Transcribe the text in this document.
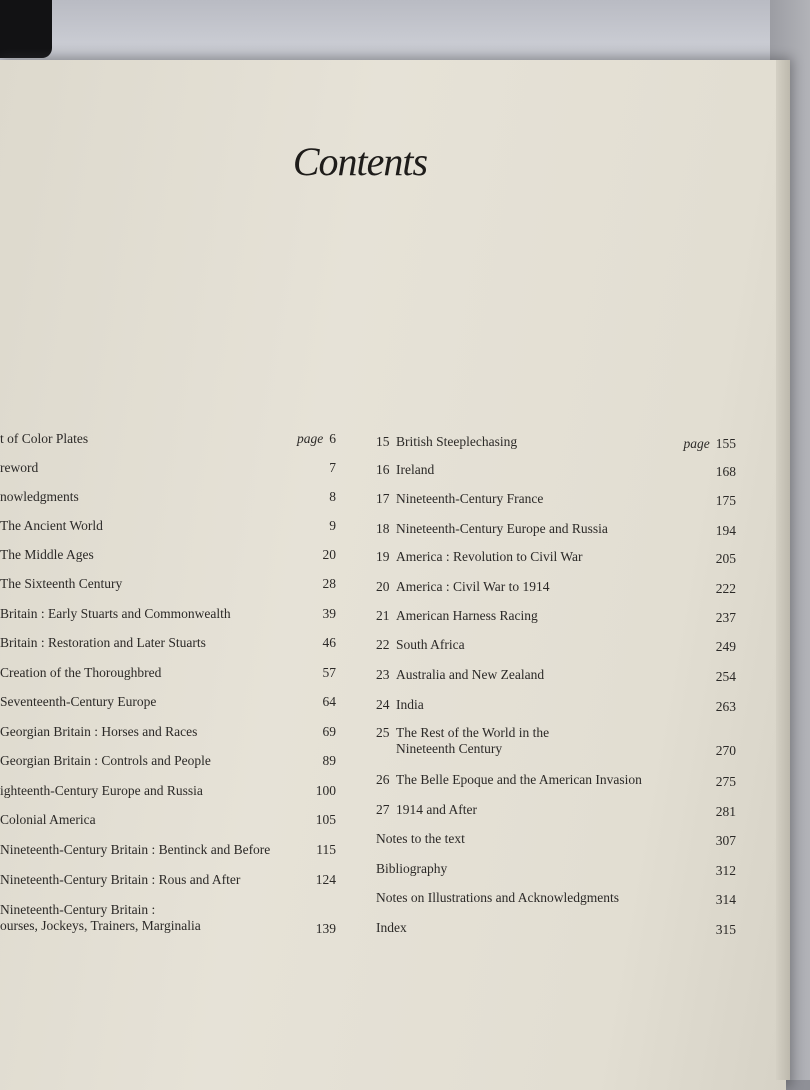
Contents
t of Color Plates	page 6
reword	7
nowledgments	8
The Ancient World	9
The Middle Ages	20
The Sixteenth Century	28
Britain : Early Stuarts and Commonwealth	39
Britain : Restoration and Later Stuarts	46
Creation of the Thoroughbred	57
Seventeenth-Century Europe	64
Georgian Britain : Horses and Races	69
Georgian Britain : Controls and People	89
ighteenth-Century Europe and Russia	100
Colonial America	105
Nineteenth-Century Britain : Bentinck and Before	115
Nineteenth-Century Britain : Rous and After	124
Nineteenth-Century Britain :
ourses, Jockeys, Trainers, Marginalia	139
15 British Steeplechasing	page 155
16 Ireland	168
17 Nineteenth-Century France	175
18 Nineteenth-Century Europe and Russia	194
19 America : Revolution to Civil War	205
20 America : Civil War to 1914	222
21 American Harness Racing	237
22 South Africa	249
23 Australia and New Zealand	254
24 India	263
25 The Rest of the World in the
Nineteenth Century	270
26 The Belle Epoque and the American Invasion	275
27 1914 and After	281
Notes to the text	307
Bibliography	312
Notes on Illustrations and Acknowledgments	314
Index	315
